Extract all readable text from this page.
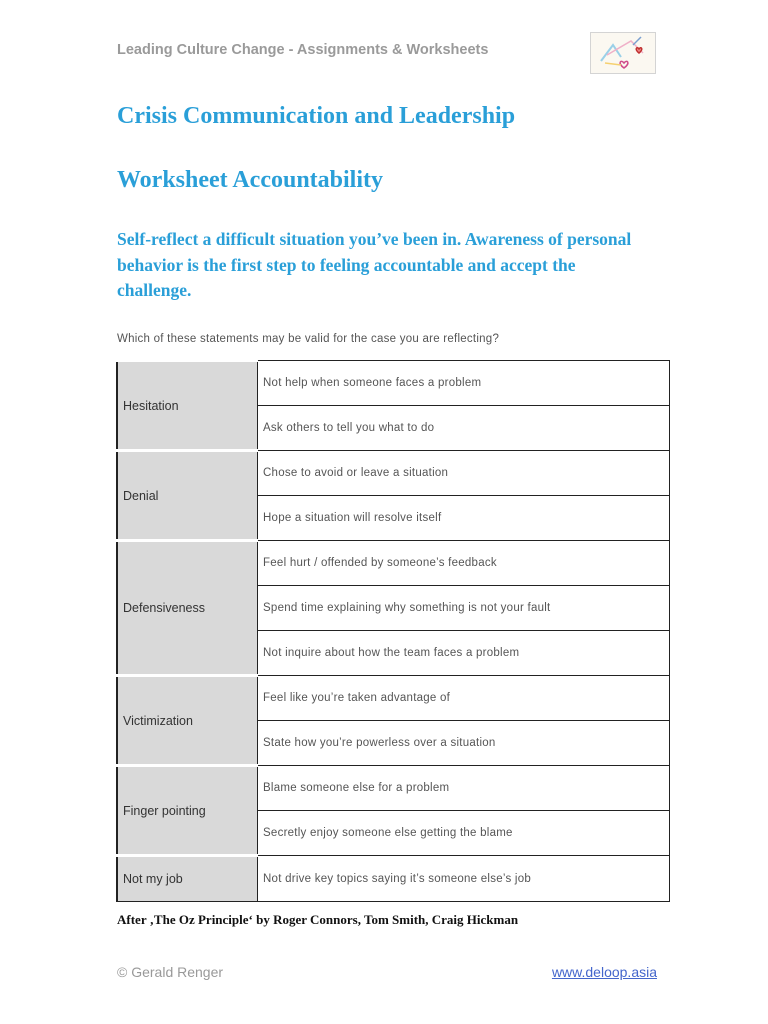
Leading Culture Change - Assignments & Worksheets
Crisis Communication and Leadership
Worksheet Accountability

Self-reflect a difficult situation you’ve been in. Awareness of personal behavior is the first step to feeling accountable and accept the challenge.

Which of these statements may be valid for the case you are reflecting?

Hesitation	Not help when someone faces a problem
	Ask others to tell you what to do
Denial	Chose to avoid or leave a situation
	Hope a situation will resolve itself
Defensiveness	Feel hurt / offended by someone’s feedback
	Spend time explaining why something is not your fault
	Not inquire about how the team faces a problem
Victimization	Feel like you’re taken advantage of
	State how you’re powerless over a situation
Finger pointing	Blame someone else for a problem
	Secretly enjoy someone else getting the blame
Not my job	Not drive key topics saying it’s someone else’s job

After ‚The Oz Principle‘ by Roger Connors, Tom Smith, Craig Hickman

© Gerald Renger	www.deloop.asia
